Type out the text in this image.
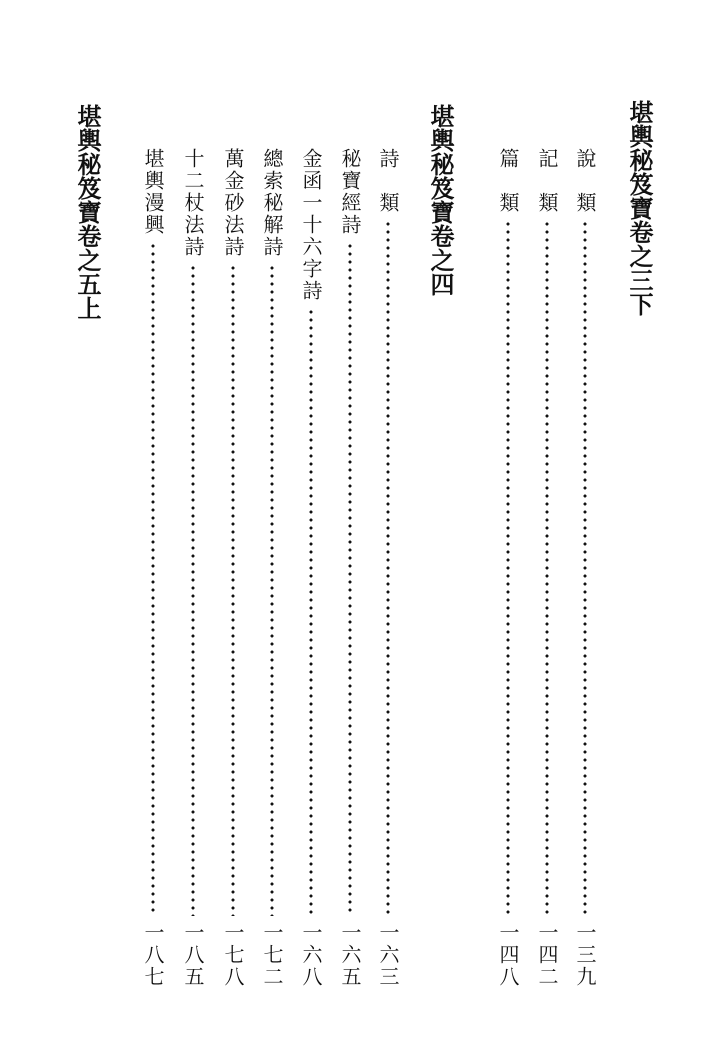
堪輿秘笈寶卷之三下
說　類
一三九
記　類
一四二
篇　類
一四八
堪輿秘笈寶卷之四
詩　類
一六三
秘寶經詩
一六五
金函一十六字詩
一六八
總索秘解詩
一七二
萬金砂法詩
一七八
十二杖法詩
一八五
堪輿漫興
一八七
堪輿秘笈寶卷之五上
